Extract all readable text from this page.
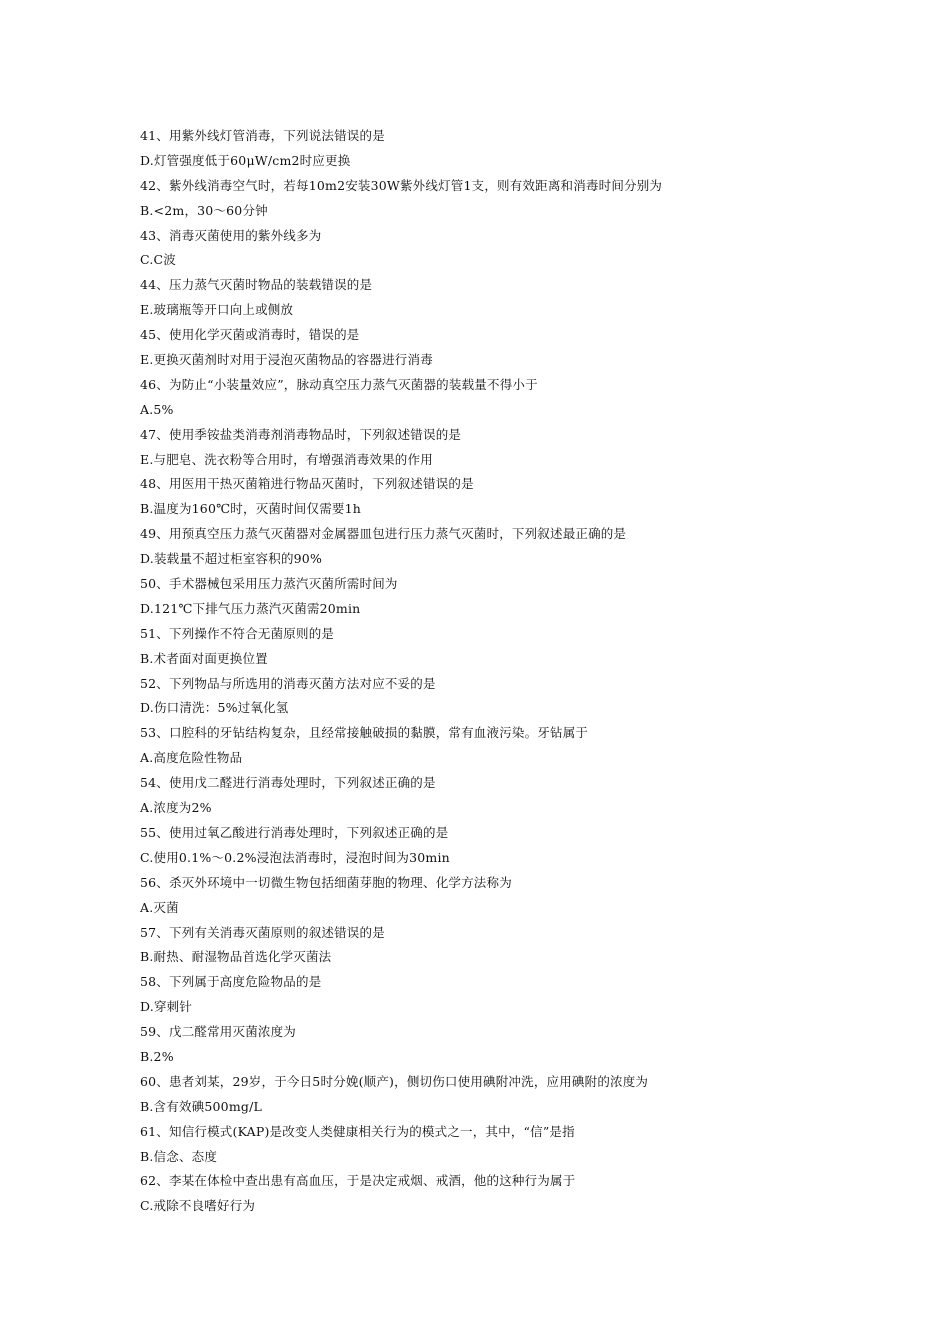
41、用紫外线灯管消毒，下列说法错误的是
D.灯管强度低于60μW/cm2时应更换
42、紫外线消毒空气时，若每10m2安装30W紫外线灯管1支，则有效距离和消毒时间分别为
B.<2m，30～60分钟
43、消毒灭菌使用的紫外线多为
C.C波
44、压力蒸气灭菌时物品的装载错误的是
E.玻璃瓶等开口向上或侧放
45、使用化学灭菌或消毒时，错误的是
E.更换灭菌剂时对用于浸泡灭菌物品的容器进行消毒
46、为防止“小装量效应”，脉动真空压力蒸气灭菌器的装载量不得小于
A.5%
47、使用季铵盐类消毒剂消毒物品时，下列叙述错误的是
E.与肥皂、洗衣粉等合用时，有增强消毒效果的作用
48、用医用干热灭菌箱进行物品灭菌时，下列叙述错误的是
B.温度为160℃时，灭菌时间仅需要1h
49、用预真空压力蒸气灭菌器对金属器皿包进行压力蒸气灭菌时，下列叙述最正确的是
D.装载量不超过柜室容积的90%
50、手术器械包采用压力蒸汽灭菌所需时间为
D.121℃下排气压力蒸汽灭菌需20min
51、下列操作不符合无菌原则的是
B.术者面对面更换位置
52、下列物品与所选用的消毒灭菌方法对应不妥的是
D.伤口清洗：5%过氧化氢
53、口腔科的牙钻结构复杂，且经常接触破损的黏膜，常有血液污染。牙钻属于
A.高度危险性物品
54、使用戊二醛进行消毒处理时，下列叙述正确的是
A.浓度为2%
55、使用过氧乙酸进行消毒处理时，下列叙述正确的是
C.使用0.1%～0.2%浸泡法消毒时，浸泡时间为30min
56、杀灭外环境中一切微生物包括细菌芽胞的物理、化学方法称为
A.灭菌
57、下列有关消毒灭菌原则的叙述错误的是
B.耐热、耐湿物品首选化学灭菌法
58、下列属于高度危险物品的是
D.穿刺针
59、戊二醛常用灭菌浓度为
B.2%
60、患者刘某，29岁，于今日5时分娩(顺产)，侧切伤口使用碘附冲洗，应用碘附的浓度为
B.含有效碘500mg/L
61、知信行模式(KAP)是改变人类健康相关行为的模式之一，其中，“信”是指
B.信念、态度
62、李某在体检中查出患有高血压，于是决定戒烟、戒酒，他的这种行为属于
C.戒除不良嗜好行为
